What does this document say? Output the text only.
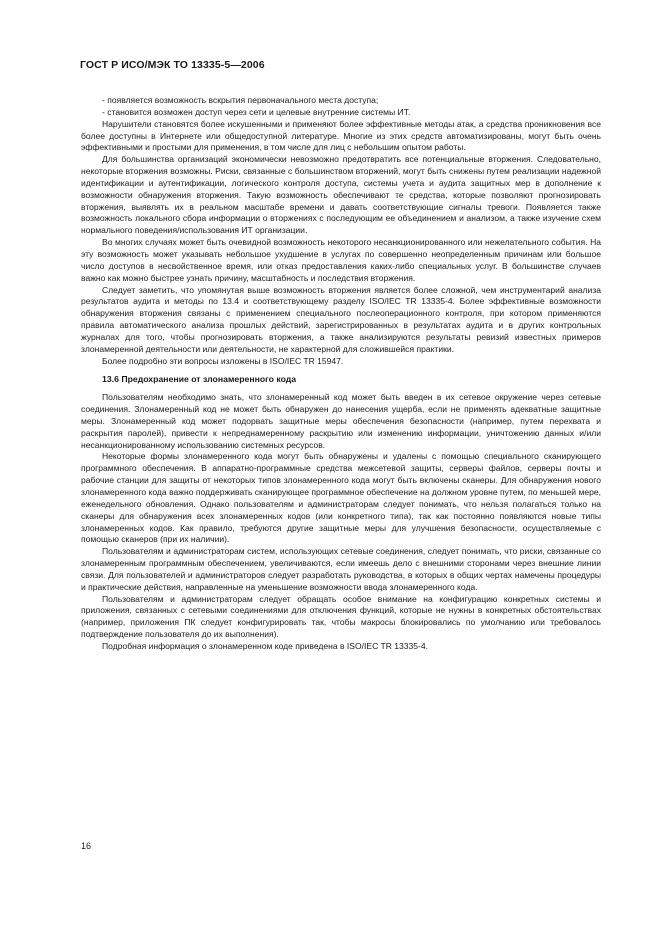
ГОСТ Р ИСО/МЭК ТО 13335-5—2006

- появляется возможность вскрытия первоначального места доступа;

- становится возможен доступ через сети и целевые внутренние системы ИТ.

Нарушители становятся более искушенными и применяют более эффективные методы атак, а средства проникновения все более доступны в Интернете или общедоступной литературе. Многие из этих средств автоматизированы, могут быть очень эффективными и простыми для применения, в том числе для лиц с небольшим опытом работы.

Для большинства организаций экономически невозможно предотвратить все потенциальные вторжения. Следовательно, некоторые вторжения возможны. Риски, связанные с большинством вторжений, могут быть снижены путем реализации надежной идентификации и аутентификации, логического контроля доступа, системы учета и аудита защитных мер в дополнение к возможности обнаружения вторжения. Такую возможность обеспечивают те средства, которые позволяют прогнозировать вторжения, выявлять их в реальном масштабе времени и давать соответствующие сигналы тревоги. Появляется также возможность локального сбора информации о вторжениях с последующим ее объединением и анализом, а также изучение схем нормального поведения/использования ИТ организации.

Во многих случаях может быть очевидной возможность некоторого несанкционированного или нежелательного события. На эту возможность может указывать небольшое ухудшение в услугах по совершенно неопределенным причинам или большое число доступов в несвойственное время, или отказ предоставления каких-либо специальных услуг. В большинстве случаев важно как можно быстрее узнать причину, масштабность и последствия вторжения.

Следует заметить, что упомянутая выше возможность вторжения является более сложной, чем инструментарий анализа результатов аудита и методы по 13.4 и соответствующему разделу ISO/IEC TR 13335-4. Более эффективные возможности обнаружения вторжения связаны с применением специального послеоперационного контроля, при котором применяются правила автоматического анализа прошлых действий, зарегистрированных в результатах аудита и в других контрольных журналах для того, чтобы прогнозировать вторжения, а также анализируются результаты ревизий известных примеров злонамеренной деятельности или деятельности, не характерной для сложившейся практики.

Более подробно эти вопросы изложены в ISO/IEC TR 15947.

13.6 Предохранение от злонамеренного кода

Пользователям необходимо знать, что злонамеренный код может быть введен в их сетевое окружение через сетевые соединения. Злонамеренный код не может быть обнаружен до нанесения ущерба, если не применять адекватные защитные меры. Злонамеренный код может подорвать защитные меры обеспечения безопасности (например, путем перехвата и раскрытия паролей), привести к непреднамеренному раскрытию или изменению информации, уничтожению данных и/или несанкционированному использованию системных ресурсов.

Некоторые формы злонамеренного кода могут быть обнаружены и удалены с помощью специального сканирующего программного обеспечения. В аппаратно-программные средства межсетевой защиты, серверы файлов, серверы почты и рабочие станции для защиты от некоторых типов злонамеренного кода могут быть включены сканеры. Для обнаружения нового злонамеренного кода важно поддерживать сканирующее программное обеспечение на должном уровне путем, по меньшей мере, еженедельного обновления. Однако пользователям и администраторам следует понимать, что нельзя полагаться только на сканеры для обнаружения всех злонамеренных кодов (или конкретного типа), так как постоянно появляются новые типы злонамеренных кодов. Как правило, требуются другие защитные меры для улучшения безопасности, осуществляемые с помощью сканеров (при их наличии).

Пользователям и администраторам систем, использующих сетевые соединения, следует понимать, что риски, связанные со злонамеренным программным обеспечением, увеличиваются, если имеешь дело с внешними сторонами через внешние линии связи. Для пользователей и администраторов следует разработать руководства, в которых в общих чертах намечены процедуры и практические действия, направленные на уменьшение возможности ввода злонамеренного кода.

Пользователям и администраторам следует обращать особое внимание на конфигурацию конкретных системы и приложения, связанных с сетевыми соединениями для отключения функций, которые не нужны в конкретных обстоятельствах (например, приложения ПК следует конфигурировать так, чтобы макросы блокировались по умолчанию или требовалось подтверждение пользователя до их выполнения).

Подробная информация о злонамеренном коде приведена в ISO/IEC TR 13335-4.

16
